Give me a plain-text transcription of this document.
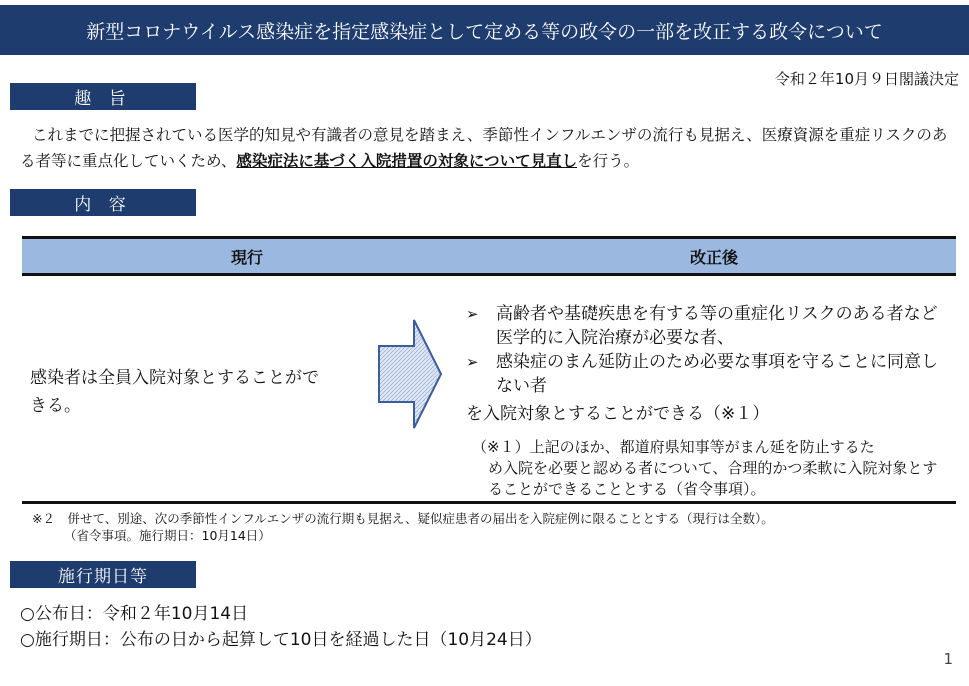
新型コロナウイルス感染症を指定感染症として定める等の政令の一部を改正する政令について
令和２年10月９日閣議決定
趣 旨
これまでに把握されている医学的知見や有識者の意見を踏まえ、季節性インフルエンザの流行も見据え、医療資源を重症リスクのある者等に重点化していくため、感染症法に基づく入院措置の対象について見直しを行う。
内 容
現行	改正後
感染者は全員入院対象とすることができる。
➢ 高齢者や基礎疾患を有する等の重症化リスクのある者など医学的に入院治療が必要な者、
➢ 感染症のまん延防止のため必要な事項を守ることに同意しない者
を入院対象とすることができる（※１）
（※１）上記のほか、都道府県知事等がまん延を防止するた
め入院を必要と認める者について、合理的かつ柔軟に入院対象とすることができることとする（省令事項）。
※２　併せて、別途、次の季節性インフルエンザの流行期も見据え、疑似症患者の届出を入院症例に限ることとする（現行は全数）。
（省令事項。施行期日：10月14日）
施行期日等
○公布日：令和２年10月14日
○施行期日：公布の日から起算して10日を経過した日（10月24日）
1
